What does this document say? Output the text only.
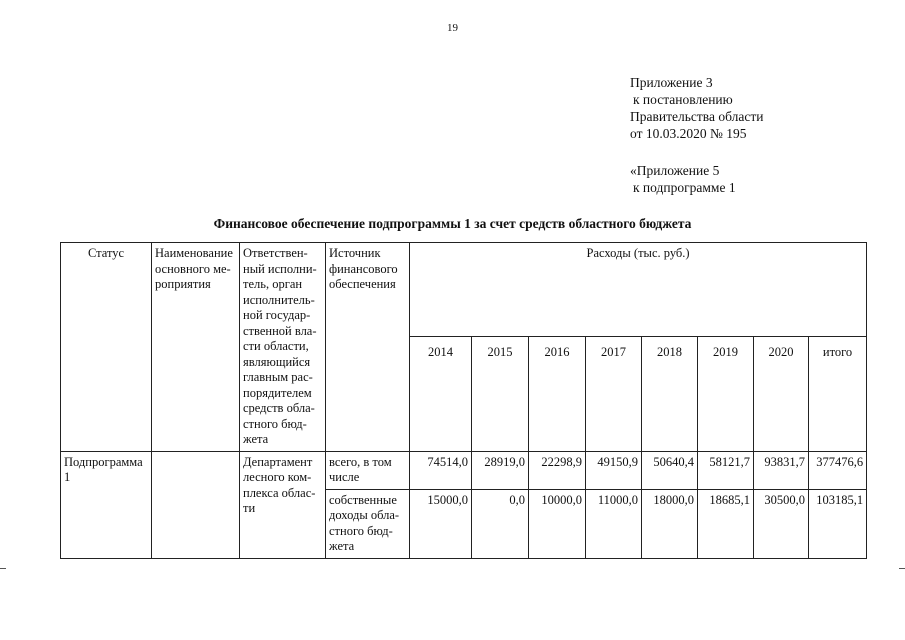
19
Приложение 3
к постановлению
Правительства области
от 10.03.2020 № 195
«Приложение 5
к подпрограмме 1
Финансовое обеспечение подпрограммы 1 за счет средств областного бюджета
Статус	Наименование основного ме-роприятия	Ответствен-ный исполни-тель, орган исполнитель-ной государ-ственной вла-сти области, являющийся главным рас-порядителем средств обла-стного бюд-жета	Источник финансового обеспечения	Расходы (тыс. руб.)							
				2014	2015	2016	2017	2018	2019	2020	итого
Подпрограмма 1		Департамент лесного ком-плекса облас-ти	всего, в том числе	74514,0	28919,0	22298,9	49150,9	50640,4	58121,7	93831,7	377476,6
			собственные доходы обла-стного бюд-жета	15000,0	0,0	10000,0	11000,0	18000,0	18685,1	30500,0	103185,1
